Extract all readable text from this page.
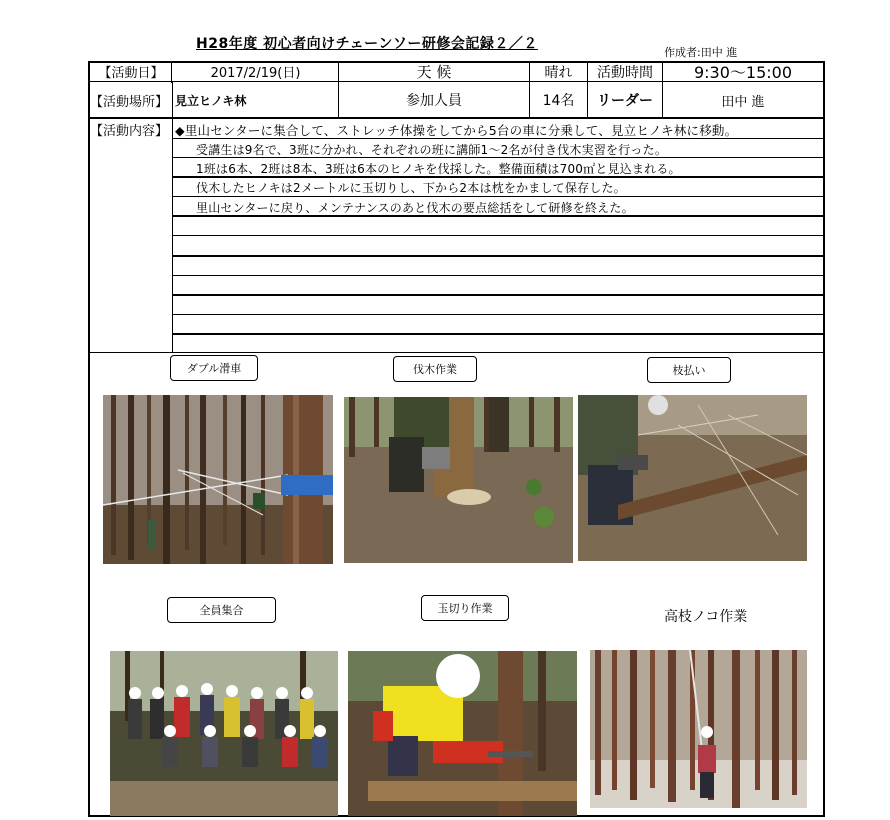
H28年度 初心者向けチェーンソー研修会記録２／２
作成者:田中 進
【活動日】	2017/2/19(日)	天 候	晴れ	活動時間	9:30〜15:00
【活動場所】 見立ヒノキ林	参加人員	14名	リーダー	田中 進
【活動内容】 ◆里山センターに集合して、ストレッチ体操をしてから5台の車に分乗して、見立ヒノキ林に移動。
受講生は9名で、3班に分かれ、それぞれの班に講師1〜2名が付き伐木実習を行った。
1班は6本、2班は8本、3班は6本のヒノキを伐採した。整備面積は700㎡と見込まれる。
伐木したヒノキは2メートルに玉切りし、下から2本は枕をかまして保存した。
里山センターに戻り、メンテナンスのあと伐木の要点総括をして研修を終えた。
ダブル滑車	伐木作業	枝払い
全員集合	玉切り作業
高枝ノコ作業
